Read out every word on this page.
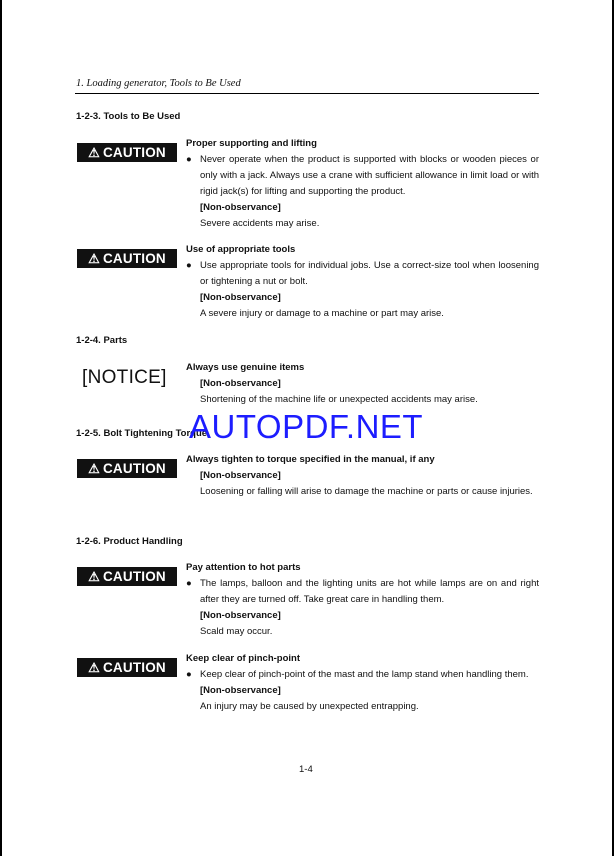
1. Loading generator, Tools to Be Used
1-2-3. Tools to Be Used
⚠ CAUTION
Proper supporting and lifting
● Never operate when the product is supported with blocks or wooden pieces or only with a jack. Always use a crane with sufficient allowance in limit load or with rigid jack(s) for lifting and supporting the product.
[Non-observance]
Severe accidents may arise.
⚠ CAUTION
Use of appropriate tools
● Use appropriate tools for individual jobs. Use a correct-size tool when loosening or tightening a nut or bolt.
[Non-observance]
A severe injury or damage to a machine or part may arise.
1-2-4. Parts
[NOTICE] Always use genuine items
[Non-observance]
Shortening of the machine life or unexpected accidents may arise.
1-2-5. Bolt Tightening Torque
⚠ CAUTION
Always tighten to torque specified in the manual, if any
[Non-observance]
Loosening or falling will arise to damage the machine or parts or cause injuries.
1-2-6. Product Handling
⚠ CAUTION
Pay attention to hot parts
● The lamps, balloon and the lighting units are hot while lamps are on and right after they are turned off. Take great care in handling them.
[Non-observance]
Scald may occur.
⚠ CAUTION
Keep clear of pinch-point
● Keep clear of pinch-point of the mast and the lamp stand when handling them.
[Non-observance]
An injury may be caused by unexpected entrapping.
AUTOPDF.NET
1-4
